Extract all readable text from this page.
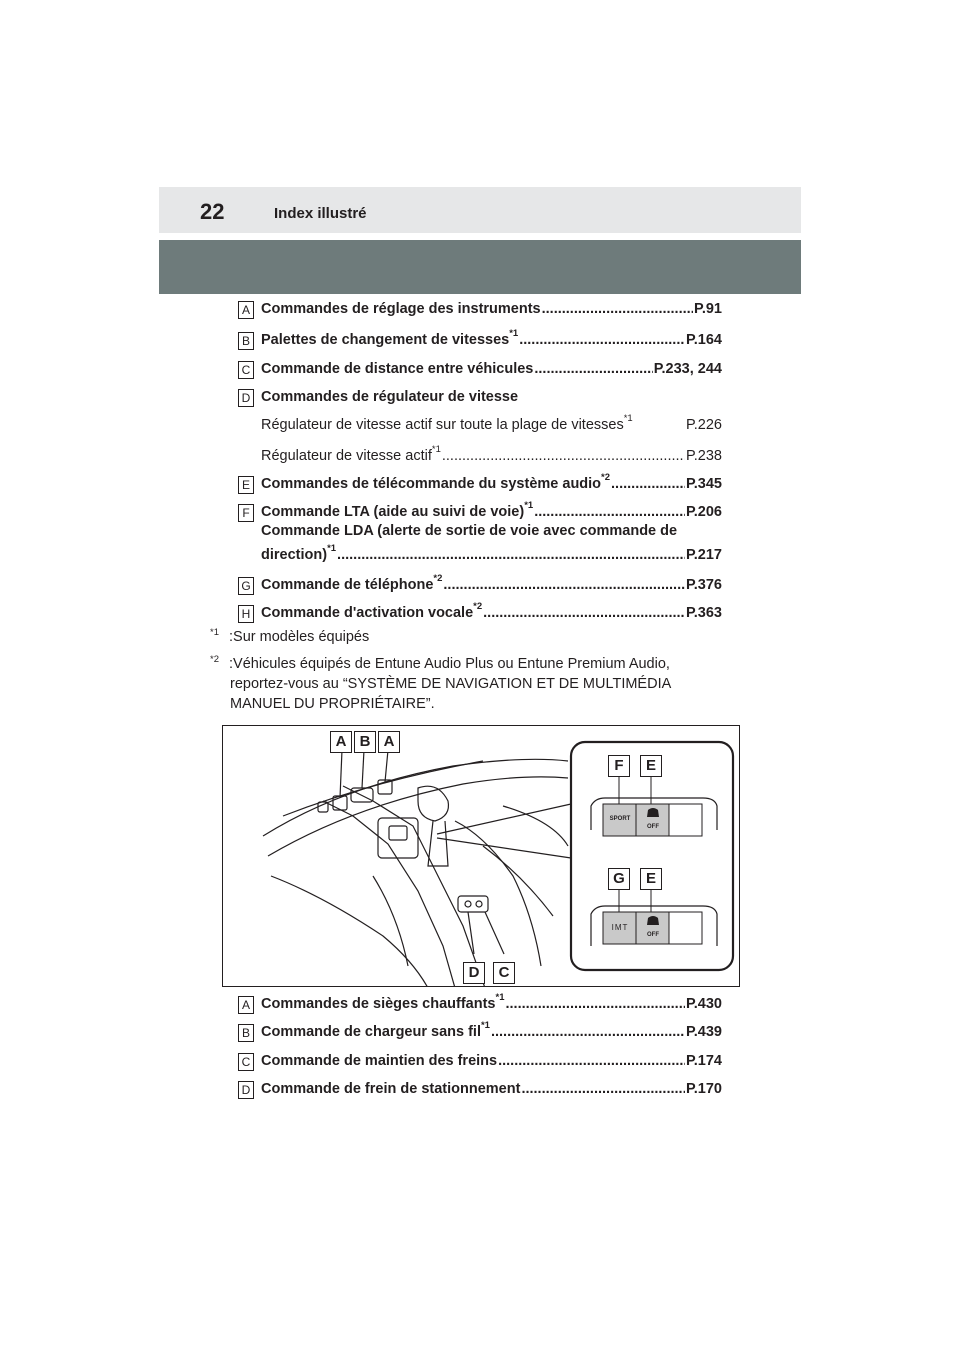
22	Index illustré
A Commandes de réglage des instruments .....	P.91
B Palettes de changement de vitesses$^{*1}$ .....	P.164
C Commande de distance entre véhicules .....	P.233, 244
D Commandes de régulateur de vitesse
Régulateur de vitesse actif sur toute la plage de vitesses$^{*1}$	P.226
Régulateur de vitesse actif$^{*1}$ .....	P.238
E Commandes de télécommande du système audio$^{*2}$ .....	P.345
F Commande LTA (aide au suivi de voie)$^{*1}$ .....	P.206
Commande LDA (alerte de sortie de voie avec commande de
direction)$^{*1}$ .....	P.217
G Commande de téléphone$^{*2}$ .....	P.376
H Commande d'activation vocale$^{*2}$ .....	P.363
$^{*1}$ :Sur modèles équipés
$^{*2}$ :Véhicules équipés de Entune Audio Plus ou Entune Premium Audio,
reportez-vous au “SYSTÈME DE NAVIGATION ET DE MULTIMÉDIA
MANUEL DU PROPRIÉTAIRE”.
SPORT
OFF
IMT
OFF
A B A
F	E
G	E
D	C
A Commandes de sièges chauffants$^{*1}$ .....	P.430
B Commande de chargeur sans fil$^{*1}$ .....	P.439
C Commande de maintien des freins .....	P.174
D Commande de frein de stationnement .....	P.170
